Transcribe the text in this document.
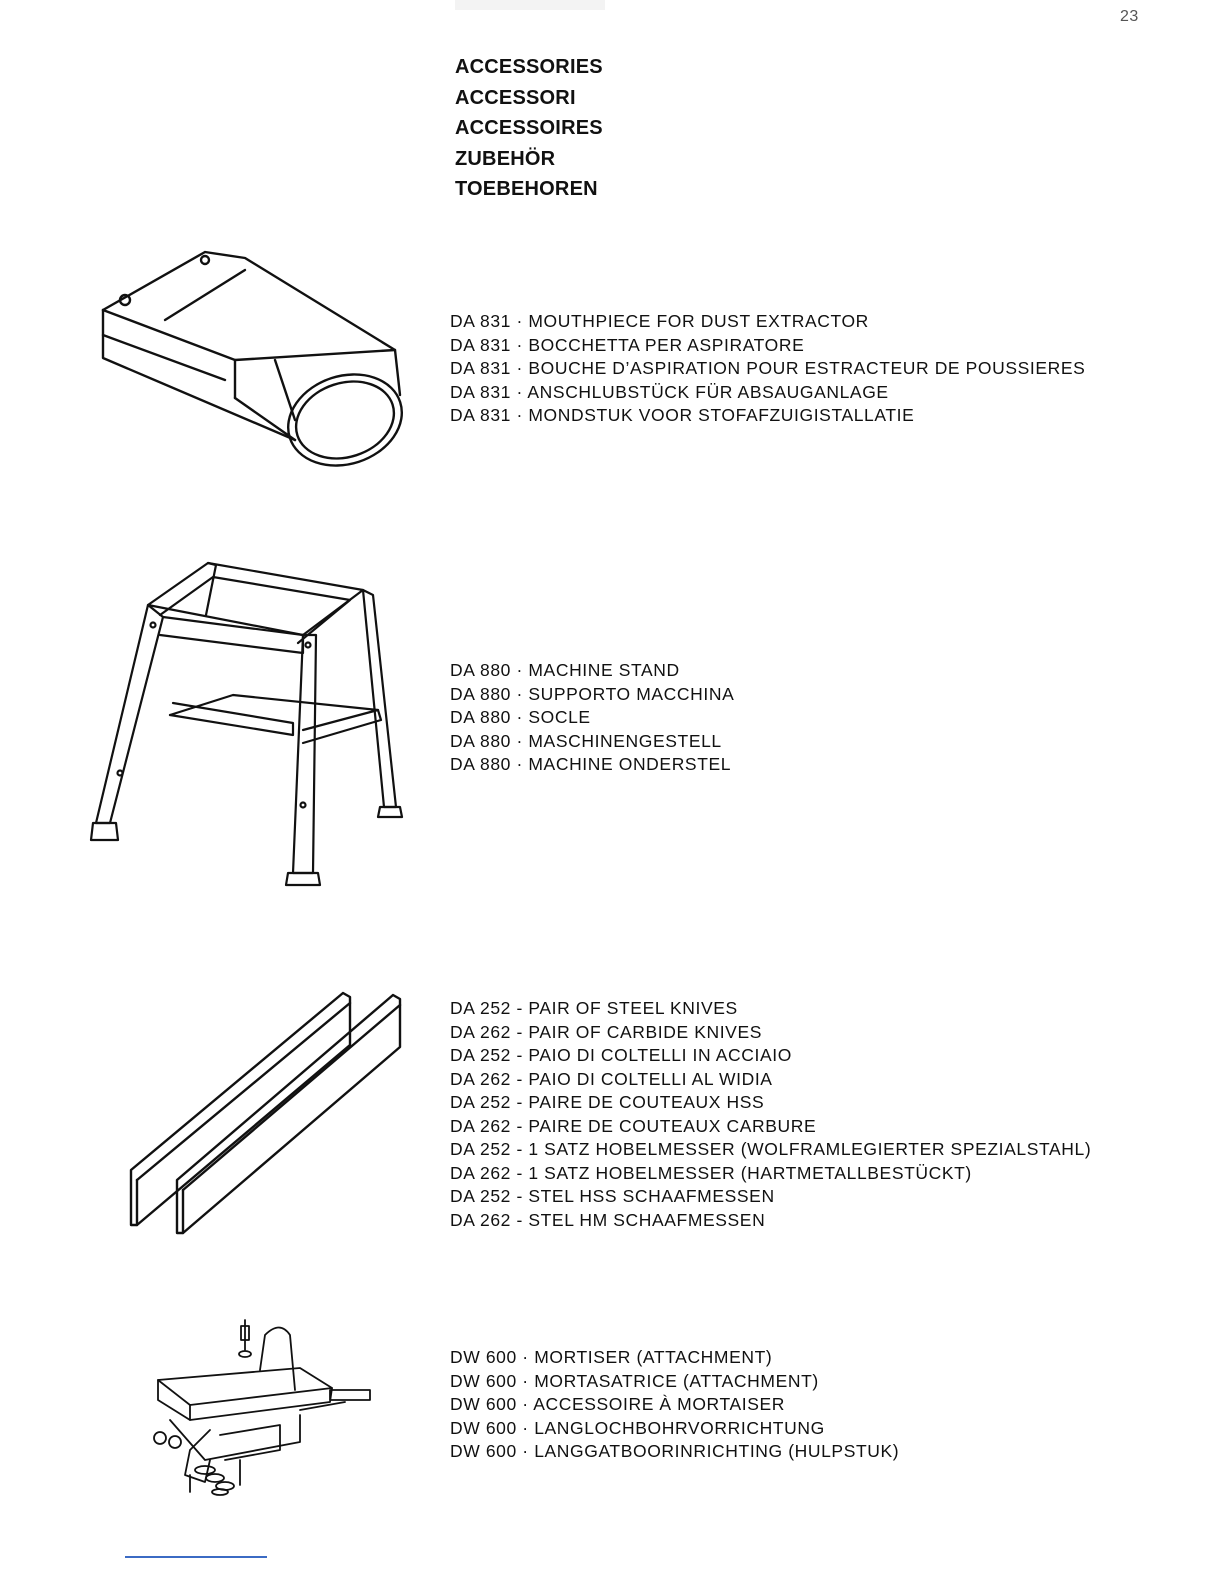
23
ACCESSORIES
ACCESSORI
ACCESSOIRES
ZUBEHÖR
TOEBEHOREN
DA 831 · MOUTHPIECE FOR DUST EXTRACTOR
DA 831 · BOCCHETTA PER ASPIRATORE
DA 831 · BOUCHE D’ASPIRATION POUR ESTRACTEUR DE POUSSIERES
DA 831 · ANSCHLUBSTÜCK FÜR ABSAUGANLAGE
DA 831 · MONDSTUK VOOR STOFAFZUIGISTALLATIE
DA 880 · MACHINE STAND
DA 880 · SUPPORTO MACCHINA
DA 880 · SOCLE
DA 880 · MASCHINENGESTELL
DA 880 · MACHINE ONDERSTEL
DA 252 - PAIR OF STEEL KNIVES
DA 262 - PAIR OF CARBIDE KNIVES
DA 252 - PAIO DI COLTELLI IN ACCIAIO
DA 262 - PAIO DI COLTELLI AL WIDIA
DA 252 - PAIRE DE COUTEAUX HSS
DA 262 - PAIRE DE COUTEAUX CARBURE
DA 252 - 1 SATZ HOBELMESSER (WOLFRAMLEGIERTER SPEZIALSTAHL)
DA 262 - 1 SATZ HOBELMESSER (HARTMETALLBESTÜCKT)
DA 252 - STEL HSS SCHAAFMESSEN
DA 262 - STEL HM SCHAAFMESSEN
DW 600 · MORTISER (ATTACHMENT)
DW 600 · MORTASATRICE (ATTACHMENT)
DW 600 · ACCESSOIRE À MORTAISER
DW 600 · LANGLOCHBOHRVORRICHTUNG
DW 600 · LANGGATBOORINRICHTING (HULPSTUK)
